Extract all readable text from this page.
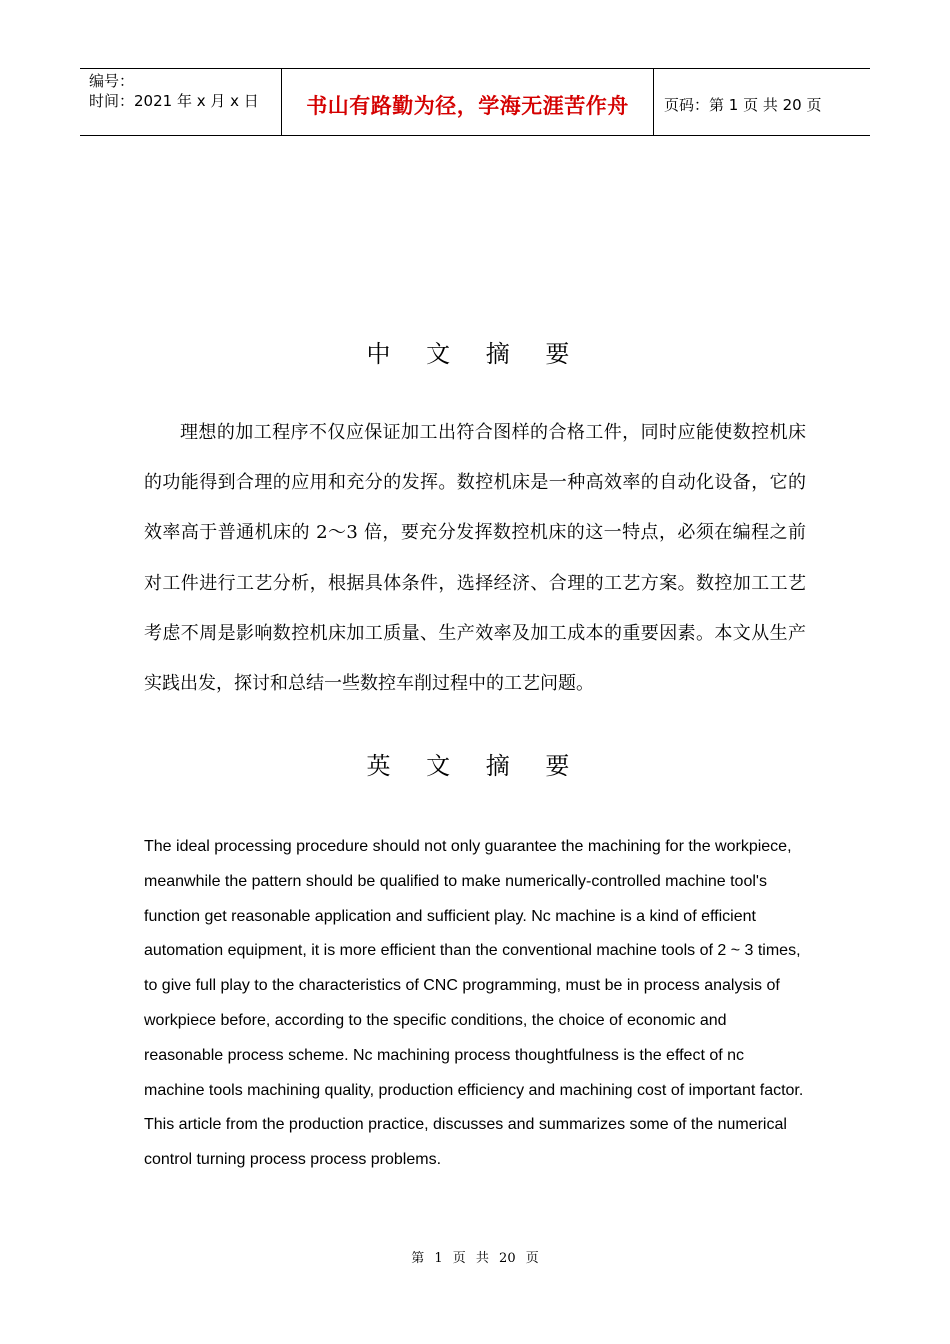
编号：
时间：2021 年 x 月 x 日	书山有路勤为径，学海无涯苦作舟 页码：第 1 页 共 20 页
中 文 摘 要

理想的加工程序不仅应保证加工出符合图样的合格工件，同时应能使数控机床的功能得到合理的应用和充分的发挥。数控机床是一种高效率的自动化设备，它的效率高于普通机床的 2～3 倍，要充分发挥数控机床的这一特点，必须在编程之前对工件进行工艺分析，根据具体条件，选择经济、合理的工艺方案。数控加工工艺考虑不周是影响数控机床加工质量、生产效率及加工成本的重要因素。本文从生产实践出发，探讨和总结一些数控车削过程中的工艺问题。

英 文 摘 要

The ideal processing procedure should not only guarantee the machining for the workpiece, meanwhile the pattern should be qualified to make numerically-controlled machine tool's function get reasonable application and sufficient play. Nc machine is a kind of efficient automation equipment, it is more efficient than the conventional machine tools of 2 ~ 3 times, to give full play to the characteristics of CNC programming, must be in process analysis of workpiece before, according to the specific conditions, the choice of economic and reasonable process scheme. Nc machining process thoughtfulness is the effect of nc machine tools machining quality, production efficiency and machining cost of important factor. This article from the production practice, discusses and summarizes some of the numerical control turning process process problems.

第 1 页 共 20 页
